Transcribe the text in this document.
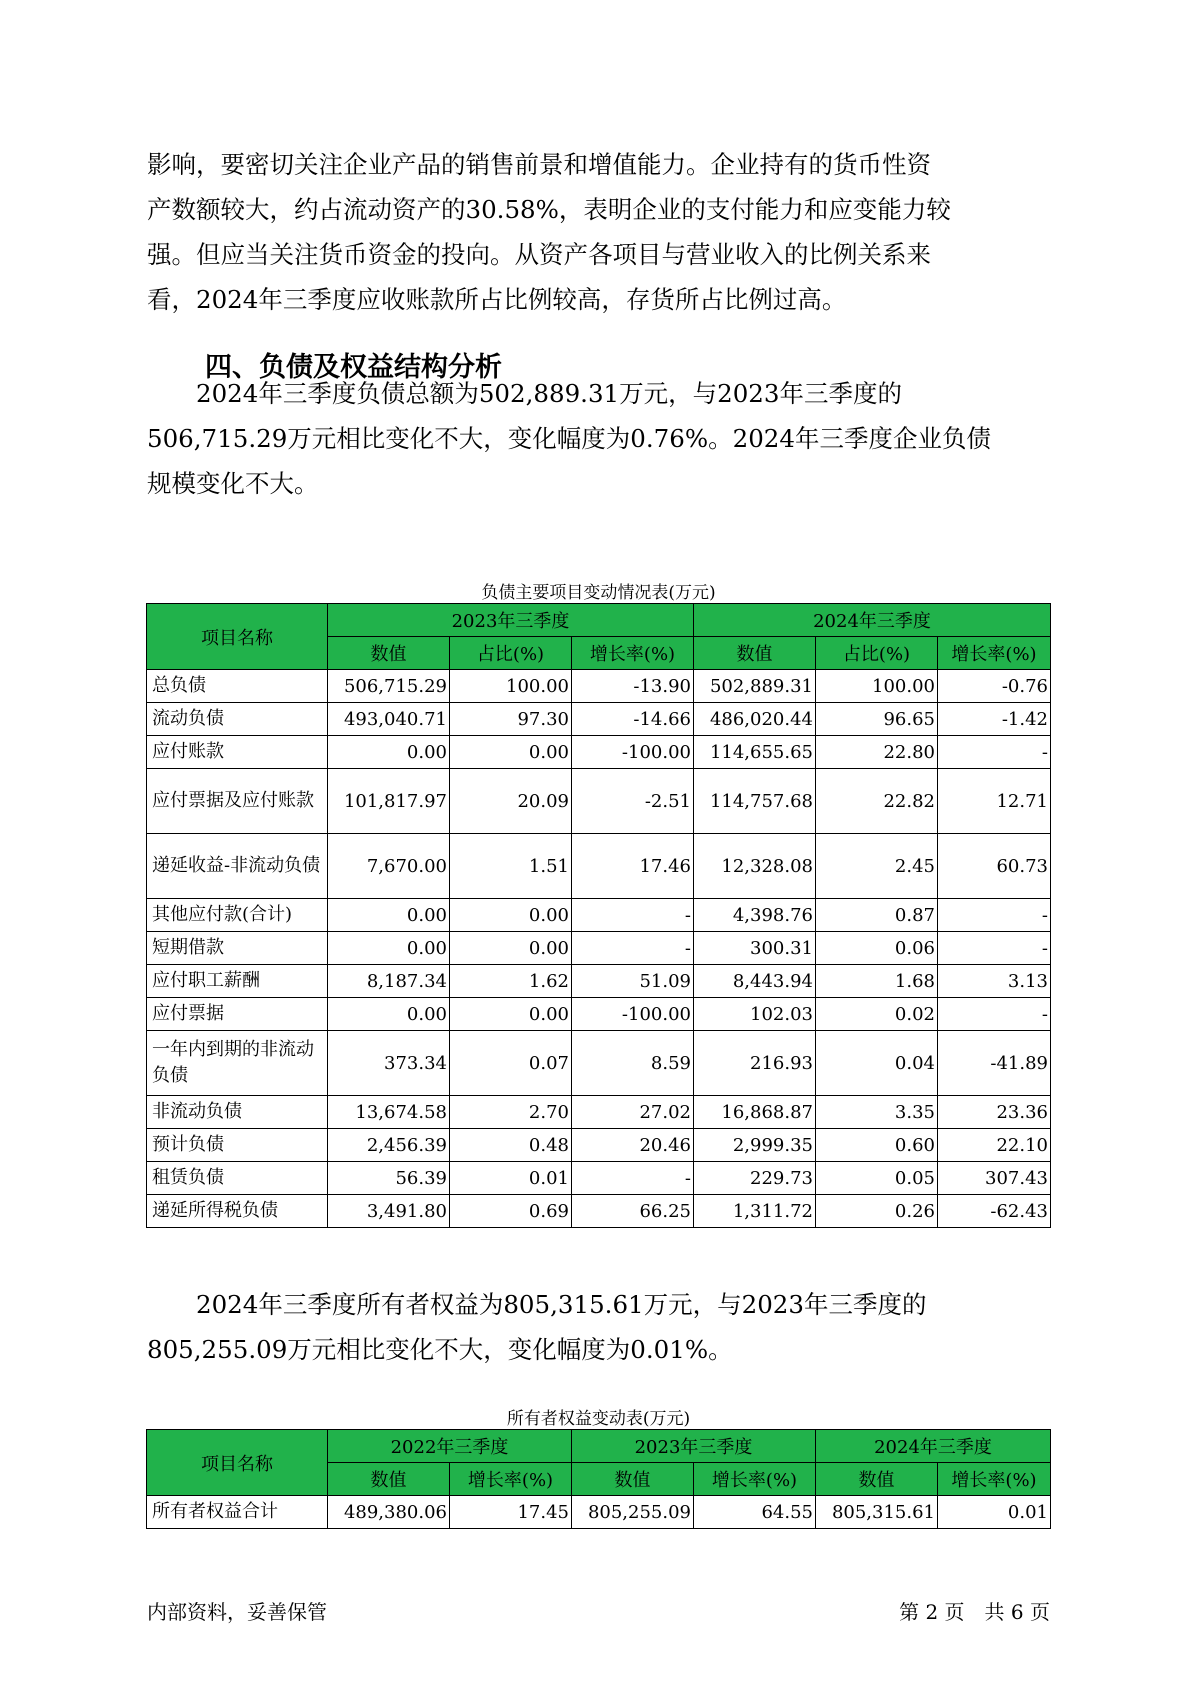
影响，要密切关注企业产品的销售前景和增值能力。企业持有的货币性资
产数额较大，约占流动资产的30.58%，表明企业的支付能力和应变能力较
强。但应当关注货币资金的投向。从资产各项目与营业收入的比例关系来
看，2024年三季度应收账款所占比例较高，存货所占比例过高。
四、负债及权益结构分析
2024年三季度负债总额为502,889.31万元，与2023年三季度的
506,715.29万元相比变化不大，变化幅度为0.76%。2024年三季度企业负债
规模变化不大。
负债主要项目变动情况表(万元)
项目名称	2023年三季度			2024年三季度		
	数值	占比(%)	增长率(%)	数值	占比(%)	增长率(%)
总负债	506,715.29	100.00	-13.90	502,889.31	100.00	-0.76
流动负债	493,040.71	97.30	-14.66	486,020.44	96.65	-1.42
应付账款	0.00	0.00	-100.00	114,655.65	22.80	-
应付票据及应付账款	101,817.97	20.09	-2.51	114,757.68	22.82	12.71
递延收益-非流动负债	7,670.00	1.51	17.46	12,328.08	2.45	60.73
其他应付款(合计)	0.00	0.00	-	4,398.76	0.87	-
短期借款	0.00	0.00	-	300.31	0.06	-
应付职工薪酬	8,187.34	1.62	51.09	8,443.94	1.68	3.13
应付票据	0.00	0.00	-100.00	102.03	0.02	-
一年内到期的非流动负债	373.34	0.07	8.59	216.93	0.04	-41.89
非流动负债	13,674.58	2.70	27.02	16,868.87	3.35	23.36
预计负债	2,456.39	0.48	20.46	2,999.35	0.60	22.10
租赁负债	56.39	0.01	-	229.73	0.05	307.43
递延所得税负债	3,491.80	0.69	66.25	1,311.72	0.26	-62.43
2024年三季度所有者权益为805,315.61万元，与2023年三季度的
805,255.09万元相比变化不大，变化幅度为0.01%。
所有者权益变动表(万元)
项目名称	2022年三季度		2023年三季度		2024年三季度	
	数值	增长率(%)	数值	增长率(%)	数值	增长率(%)
所有者权益合计	489,380.06	17.45	805,255.09	64.55	805,315.61	0.01
内部资料，妥善保管	第 2 页　共 6 页
